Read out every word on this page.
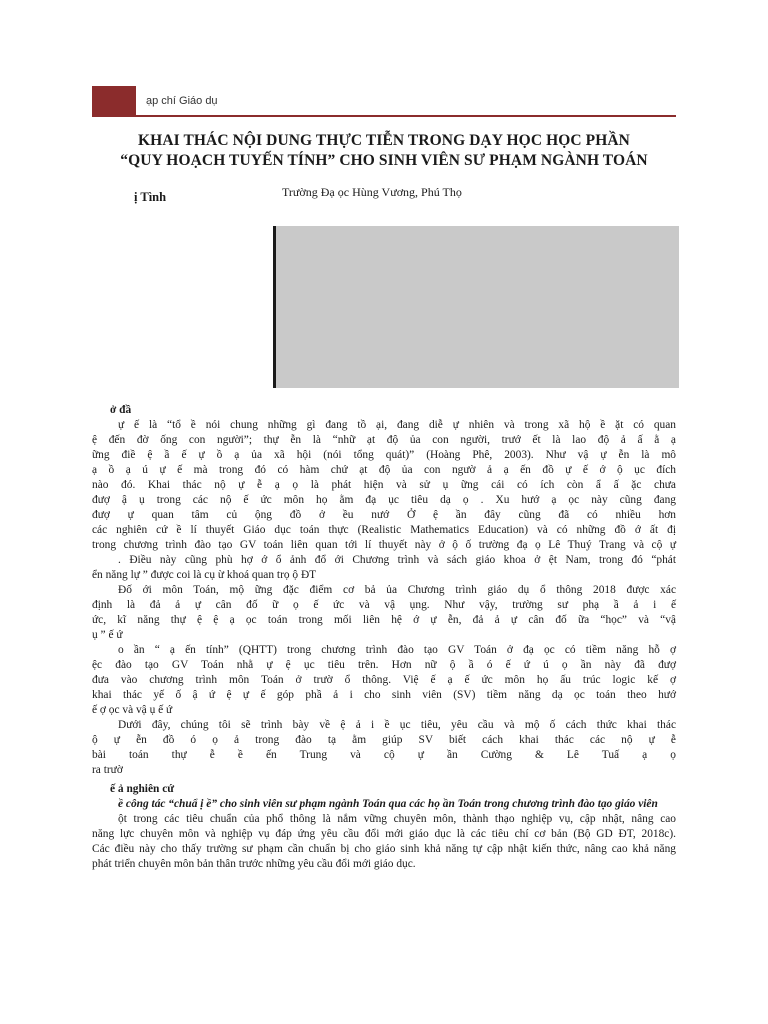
ạp chí Giáo dụ
KHAI THÁC NỘI DUNG THỰC TIỄN TRONG DẠY HỌC HỌC PHẦN
“QUY HOẠCH TUYẾN TÍNH” CHO SINH VIÊN SƯ PHẠM NGÀNH TOÁN
ị Tình	Trường Đạ ọc Hùng Vương, Phú Thọ

ở đầ

ự ế là “tổ ề nói chung những gì đang tồ ại, đang diễ ự nhiên và trong xã hộ ề ặt có quan

ệ đến đờ ống con người”; thự ễn là “nhữ ạt độ ủa con người, trướ ết là lao độ ả ấ ằ ạ

ững điề ệ ầ ế ự ồ ạ ủa xã hội (nói tổng quát)” (Hoàng Phê, 2003). Như vậ ự ễn là mô

ạ ồ ạ ú ự ế mà trong đó có hàm chứ ạt độ ủa con ngườ ả ạ ến đồ ự ế ớ ộ ục đích

nào đó. Khai thác nộ ự ễ ạ ọ là phát hiện và sử ụ ững cái có ích còn ẩ ấ ặc chưa

đượ ậ ụ trong các nộ ế ức môn họ ằm đạ ục tiêu dạ ọ . Xu hướ ạ ọc này cũng đang

đượ ự quan tâm củ ộng đồ ở ều nướ Ở ệ ần đây cũng đã có nhiều hơn

các nghiên cứ ề lí thuyết Giáo dục toán thực (Realistic Mathematics Education) và có những đồ ớ ất đị

trong chương trình đào tạo GV toán liên quan tới lí thuyết này ở ộ ố trường đạ ọ Lê Thuý Trang và cộ ự

. Điều này cũng phù hợ ớ ổ ảnh đổ ới Chương trình và sách giáo khoa ở ệt Nam, trong đó “phát

ển năng lự ” được coi là cụ ừ khoá quan trọ ộ ĐT

Đố ới môn Toán, mộ ững đặc điểm cơ bả ủa Chương trình giáo dụ ổ thông 2018 được xác

định là đả ả ự cân đố ữ ọ ế ức và vậ ụng. Như vậy, trường sư phạ ầ ả i ế

ức, kĩ năng thự ệ ệ ạ ọc toán trong mối liên hệ ớ ự ễn, đả ả ự cân đố ữa “học” và “vậ

ụ ” ế ứ

o ần “ ạ ến tính” (QHTT) trong chương trình đào tạo GV Toán ở đạ ọc có tiềm năng hỗ ợ

ệc đào tạo GV Toán nhằ ự ệ ục tiêu trên. Hơn nữ ộ ầ ó ế ứ ú ọ ần này đã đượ

đưa vào chương trình môn Toán ở trườ ổ thông. Việ ế ạ ế ức môn họ ấu trúc logic kế ợ

khai thác yế ố ậ ứ ệ ự ế góp phầ ả i cho sinh viên (SV) tiềm năng dạ ọc toán theo hướ

ế ợ ọc và vậ ụ ế ứ

Dưới đây, chúng tôi sẽ trình bày về ệ ả i ề ục tiêu, yêu cầu và mộ ố cách thức khai thác

ộ ự ễn đồ ó ọ ả trong đào tạ ằm giúp SV biết cách khai thác các nộ ự ễ

bài toán thự ễ ề ến Trung và cộ ự ần Cường & Lê Tuấ ạ ọ

ra trườ

ế ả nghiên cứ

ề công tác “chuẩ ị ề” cho sinh viên sư phạm ngành Toán qua các họ ần Toán trong chương trình đào tạo giáo viên

ột trong các tiêu chuẩn của phổ thông là nắm vững chuyên môn, thành thạo nghiệp vụ, cập nhật, nâng cao

năng lực chuyên môn và nghiệp vụ đáp ứng yêu cầu đổi mới giáo dục là các tiêu chí cơ bản (Bộ GD ĐT, 2018c).

Các điều này cho thấy trường sư phạm cần chuẩn bị cho giáo sinh khả năng tự cập nhật kiến thức, nâng cao khả năng

phát triển chuyên môn bản thân trước những yêu cầu đổi mới giáo dục.
